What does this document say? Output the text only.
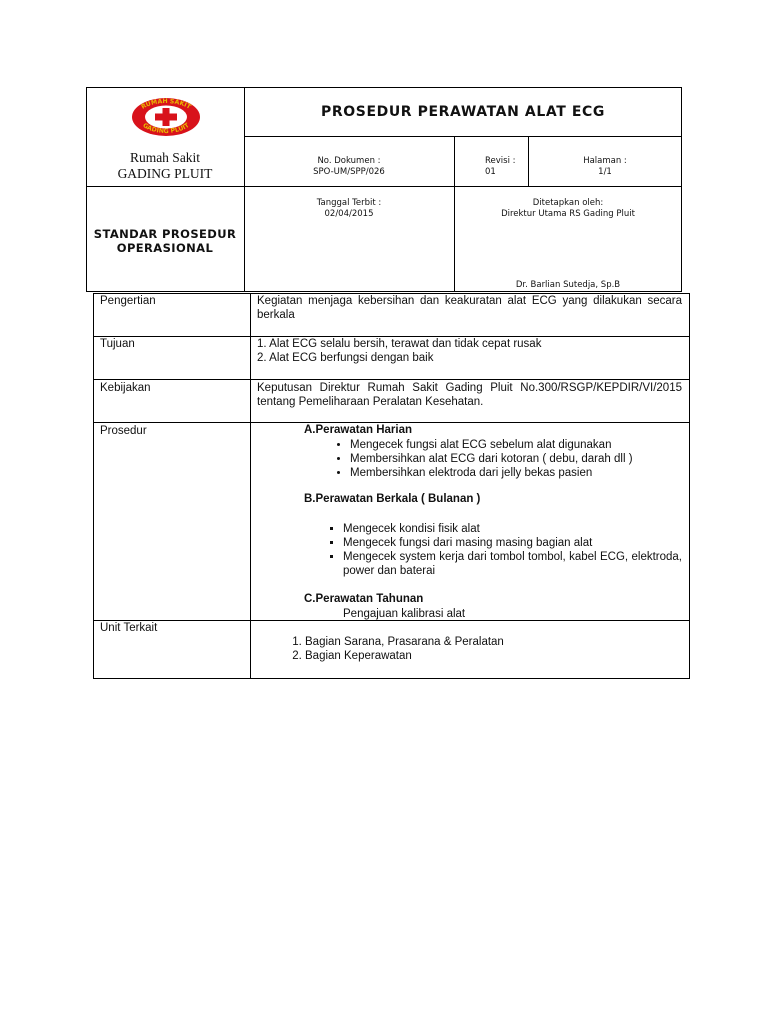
RUMAH SAKIT
GADING PLUIT
Rumah Sakit
GADING PLUIT
PROSEDUR PERAWATAN ALAT ECG
No. Dokumen :
SPO-UM/SPP/026
Revisi :
01
Halaman :
1/1
STANDAR PROSEDUR
OPERASIONAL
Tanggal Terbit :
02/04/2015
Ditetapkan oleh:
Direktur Utama RS Gading Pluit
Dr. Barlian Sutedja, Sp.B
Pengertian	Kegiatan menjaga kebersihan dan keakuratan alat ECG yang dilakukan secara berkala
Tujuan	1. Alat ECG selalu bersih, terawat dan tidak cepat rusak
2. Alat ECG berfungsi dengan baik
Kebijakan	Keputusan Direktur Rumah Sakit Gading Pluit No.300/RSGP/KEPDIR/VI/2015 tentang Pemeliharaan Peralatan Kesehatan.
Prosedur	A.Perawatan Harian
• Mengecek fungsi alat ECG sebelum alat digunakan
• Membersihkan alat ECG dari kotoran ( debu, darah dll )
• Membersihkan elektroda dari jelly bekas pasien
B.Perawatan Berkala ( Bulanan )
▪ Mengecek kondisi fisik alat
▪ Mengecek fungsi dari masing masing bagian alat
▪ Mengecek system kerja dari tombol tombol, kabel ECG, elektroda, power dan baterai
C.Perawatan Tahunan
Pengajuan kalibrasi alat
Unit Terkait
1. Bagian Sarana, Prasarana & Peralatan
2. Bagian Keperawatan
